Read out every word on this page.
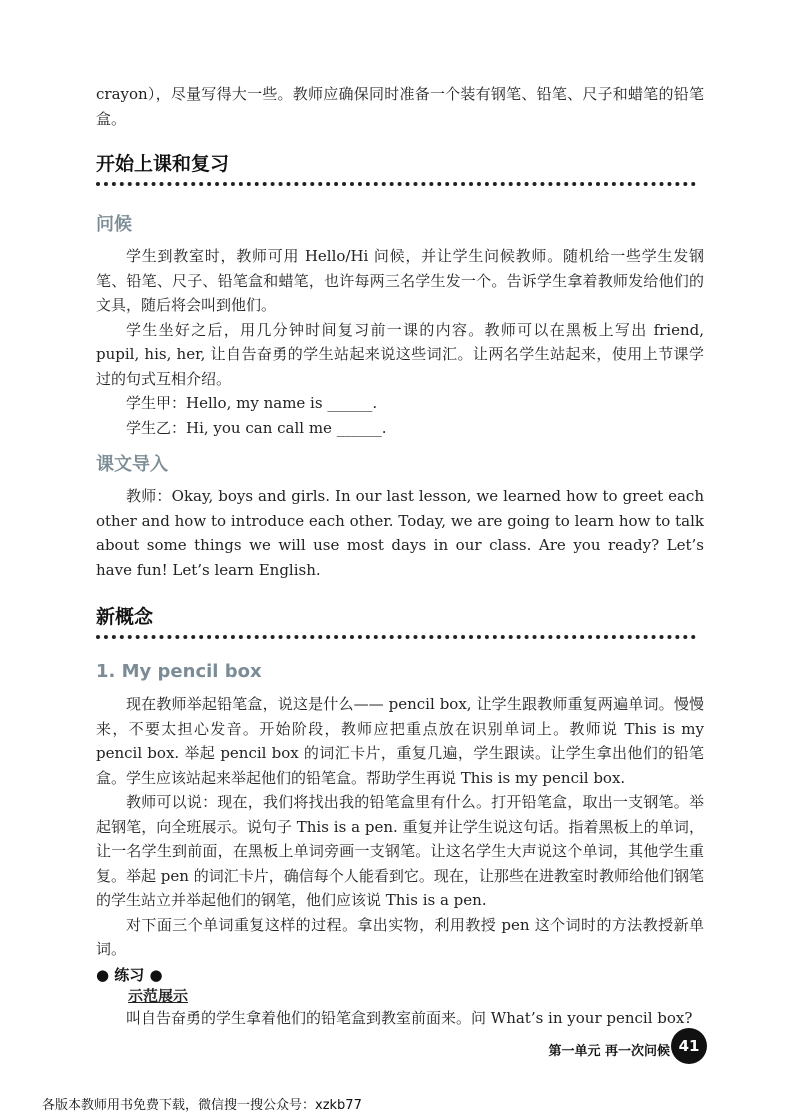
crayon），尽量写得大一些。教师应确保同时准备一个装有钢笔、铅笔、尺子和蜡笔的铅笔盒。

开始上课和复习
问候

学生到教室时，教师可用 Hello/Hi 问候，并让学生问候教师。随机给一些学生发钢笔、铅笔、尺子、铅笔盒和蜡笔，也许每两三名学生发一个。告诉学生拿着教师发给他们的文具，随后将会叫到他们。

学生坐好之后，用几分钟时间复习前一课的内容。教师可以在黑板上写出 friend, pupil, his, her, 让自告奋勇的学生站起来说这些词汇。让两名学生站起来，使用上节课学过的句式互相介绍。

学生甲：Hello, my name is ______.

学生乙：Hi, you can call me ______.

课文导入

教师：Okay, boys and girls. In our last lesson, we learned how to greet each other and how to introduce each other. Today, we are going to learn how to talk about some things we will use most days in our class. Are you ready? Let’s have fun! Let’s learn English.

新概念
1. My pencil box

现在教师举起铅笔盒，说这是什么—— pencil box, 让学生跟教师重复两遍单词。慢慢来，不要太担心发音。开始阶段，教师应把重点放在识别单词上。教师说 This is my pencil box. 举起 pencil box 的词汇卡片，重复几遍，学生跟读。让学生拿出他们的铅笔盒。学生应该站起来举起他们的铅笔盒。帮助学生再说 This is my pencil box.

教师可以说：现在，我们将找出我的铅笔盒里有什么。打开铅笔盒，取出一支钢笔。举起钢笔，向全班展示。说句子 This is a pen. 重复并让学生说这句话。指着黑板上的单词，让一名学生到前面，在黑板上单词旁画一支钢笔。让这名学生大声说这个单词，其他学生重复。举起 pen 的词汇卡片，确信每个人能看到它。现在，让那些在进教室时教师给他们钢笔的学生站立并举起他们的钢笔，他们应该说 This is a pen.

对下面三个单词重复这样的过程。拿出实物，利用教授 pen 这个词时的方法教授新单词。

● 练习 ●
示范展示

叫自告奋勇的学生拿着他们的铅笔盒到教室前面来。问 What’s in your pencil box?

第一单元 再一次问候 41
各版本教师用书免费下载，微信搜一搜公众号：xzkb77
